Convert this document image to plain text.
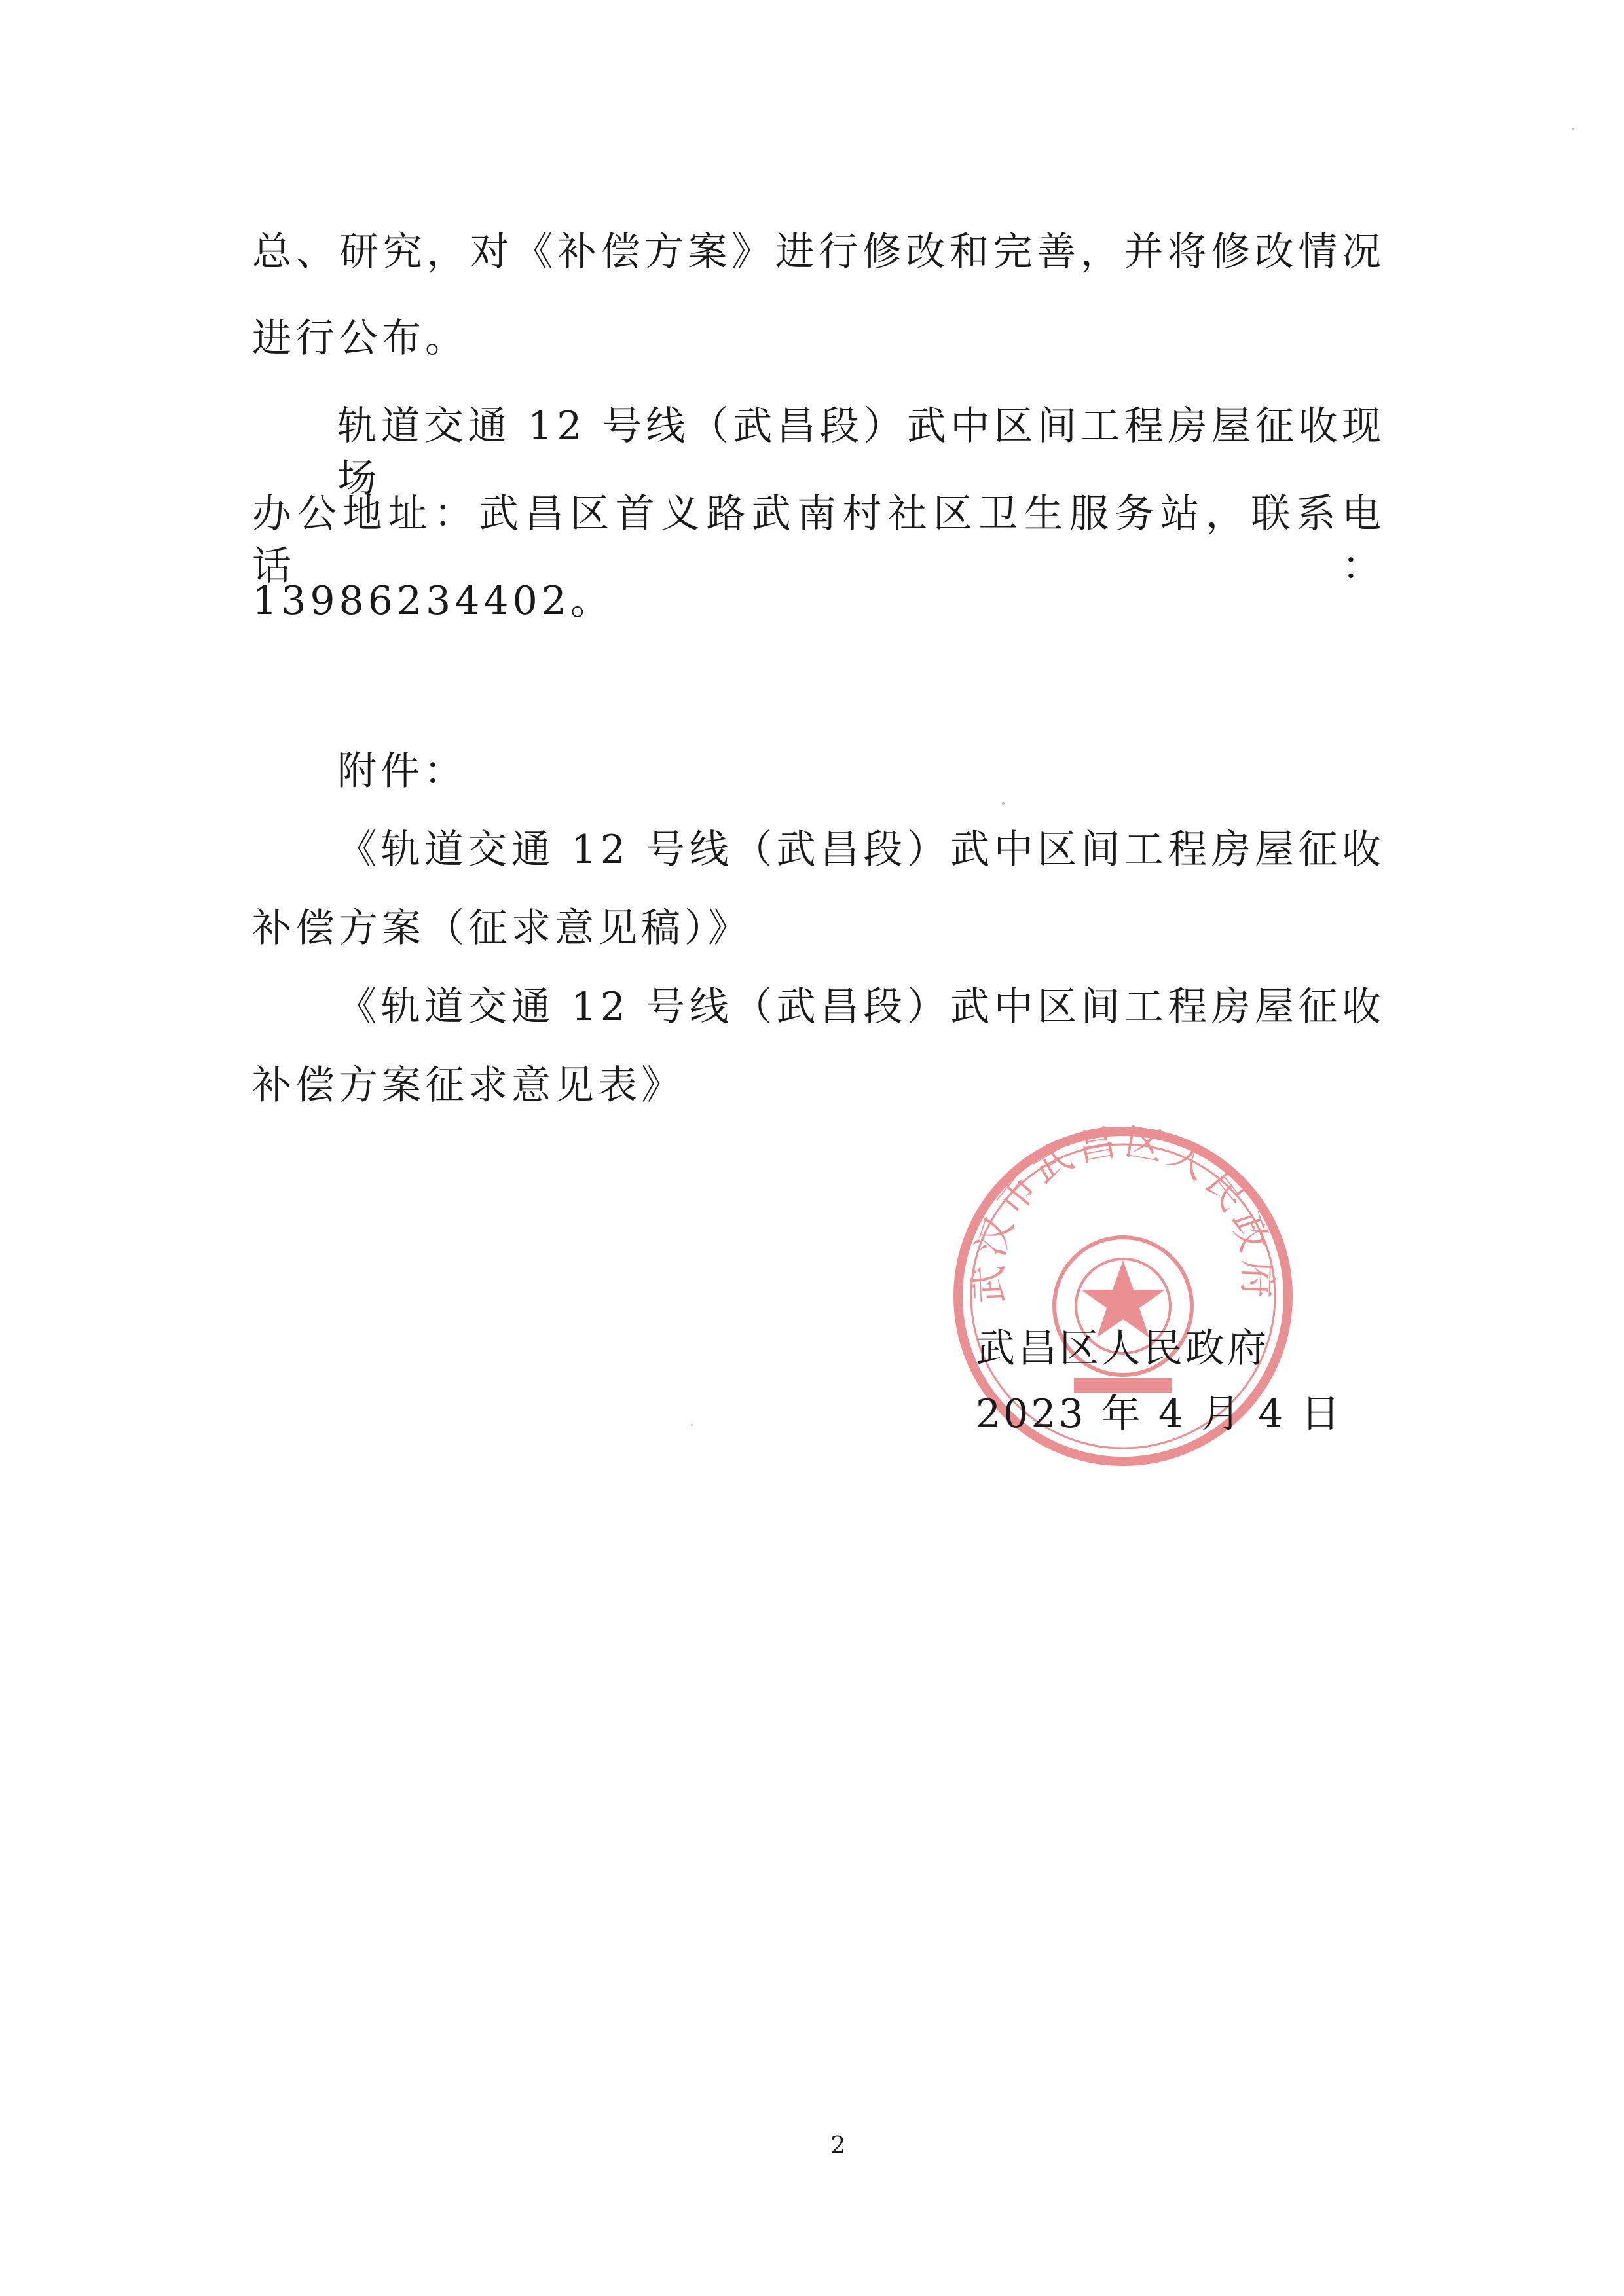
总、研究，对《补偿方案》进行修改和完善，并将修改情况

进行公布。

轨道交通 12 号线（武昌段）武中区间工程房屋征收现场

办公地址：武昌区首义路武南村社区卫生服务站，联系电话：

13986234402。

附件：

《轨道交通 12 号线（武昌段）武中区间工程房屋征收

补偿方案（征求意见稿）》

《轨道交通 12 号线（武昌段）武中区间工程房屋征收

补偿方案征求意见表》

武汉市武昌区人民政府

武昌区人民政府

2023 年 4 月 4 日

2
